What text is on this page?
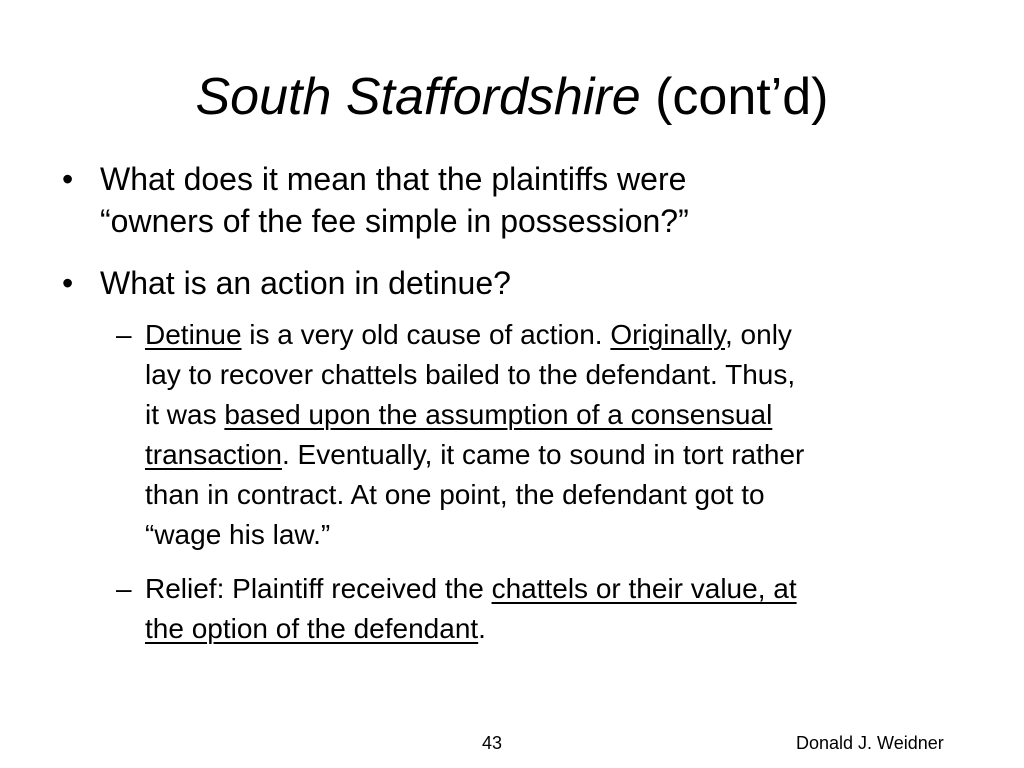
South Staffordshire (cont’d)
• What does it mean that the plaintiffs were
“owners of the fee simple in possession?”
• What is an action in detinue?
– Detinue is a very old cause of action. Originally, only
lay to recover chattels bailed to the defendant. Thus,
it was based upon the assumption of a consensual
transaction. Eventually, it came to sound in tort rather
than in contract. At one point, the defendant got to
“wage his law.”
– Relief: Plaintiff received the chattels or their value, at
the option of the defendant.
43	Donald J. Weidner
